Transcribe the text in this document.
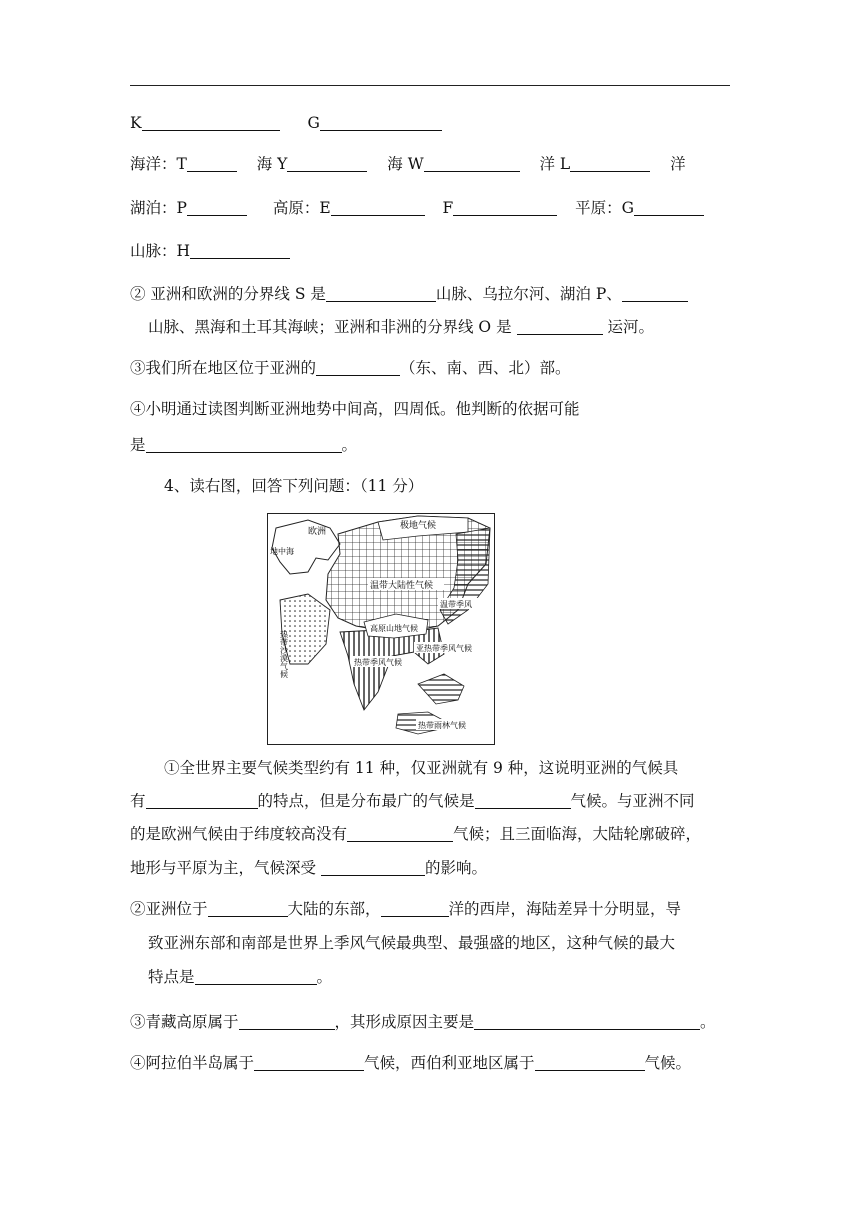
K	G
海洋：T	海 Y	海 W	洋 L	洋
湖泊：P	高原：E	F	平原：G
山脉：H
② 亚洲和欧洲的分界线 S 是	山脉、乌拉尔河、湖泊 P、
山脉、黑海和土耳其海峡；亚洲和非洲的分界线 O 是	运河。
③我们所在地区位于亚洲的	（东、南、西、北）部。
④小明通过读图判断亚洲地势中间高，四周低。他判断的依据可能
是	。
4、读右图，回答下列问题：（11 分）
温带大陆性气候
欧洲
极地气候
高原山地气候
热带季风气候
亚热带季风气候
温带季风
热带雨林气候
地中海
热带沙漠气候
①全世界主要气候类型约有 11 种，仅亚洲就有 9 种，这说明亚洲的气候具
有	的特点，但是分布最广的气候是	气候。与亚洲不同
的是欧洲气候由于纬度较高没有	气候；且三面临海，大陆轮廓破碎，
地形与平原为主，气候深受	的影响。
②亚洲位于	大陆的东部，	洋的西岸，海陆差异十分明显，导
致亚洲东部和南部是世界上季风气候最典型、最强盛的地区，这种气候的最大
特点是	。
③青藏高原属于	，其形成原因主要是	。
④阿拉伯半岛属于	气候，西伯利亚地区属于	气候。
